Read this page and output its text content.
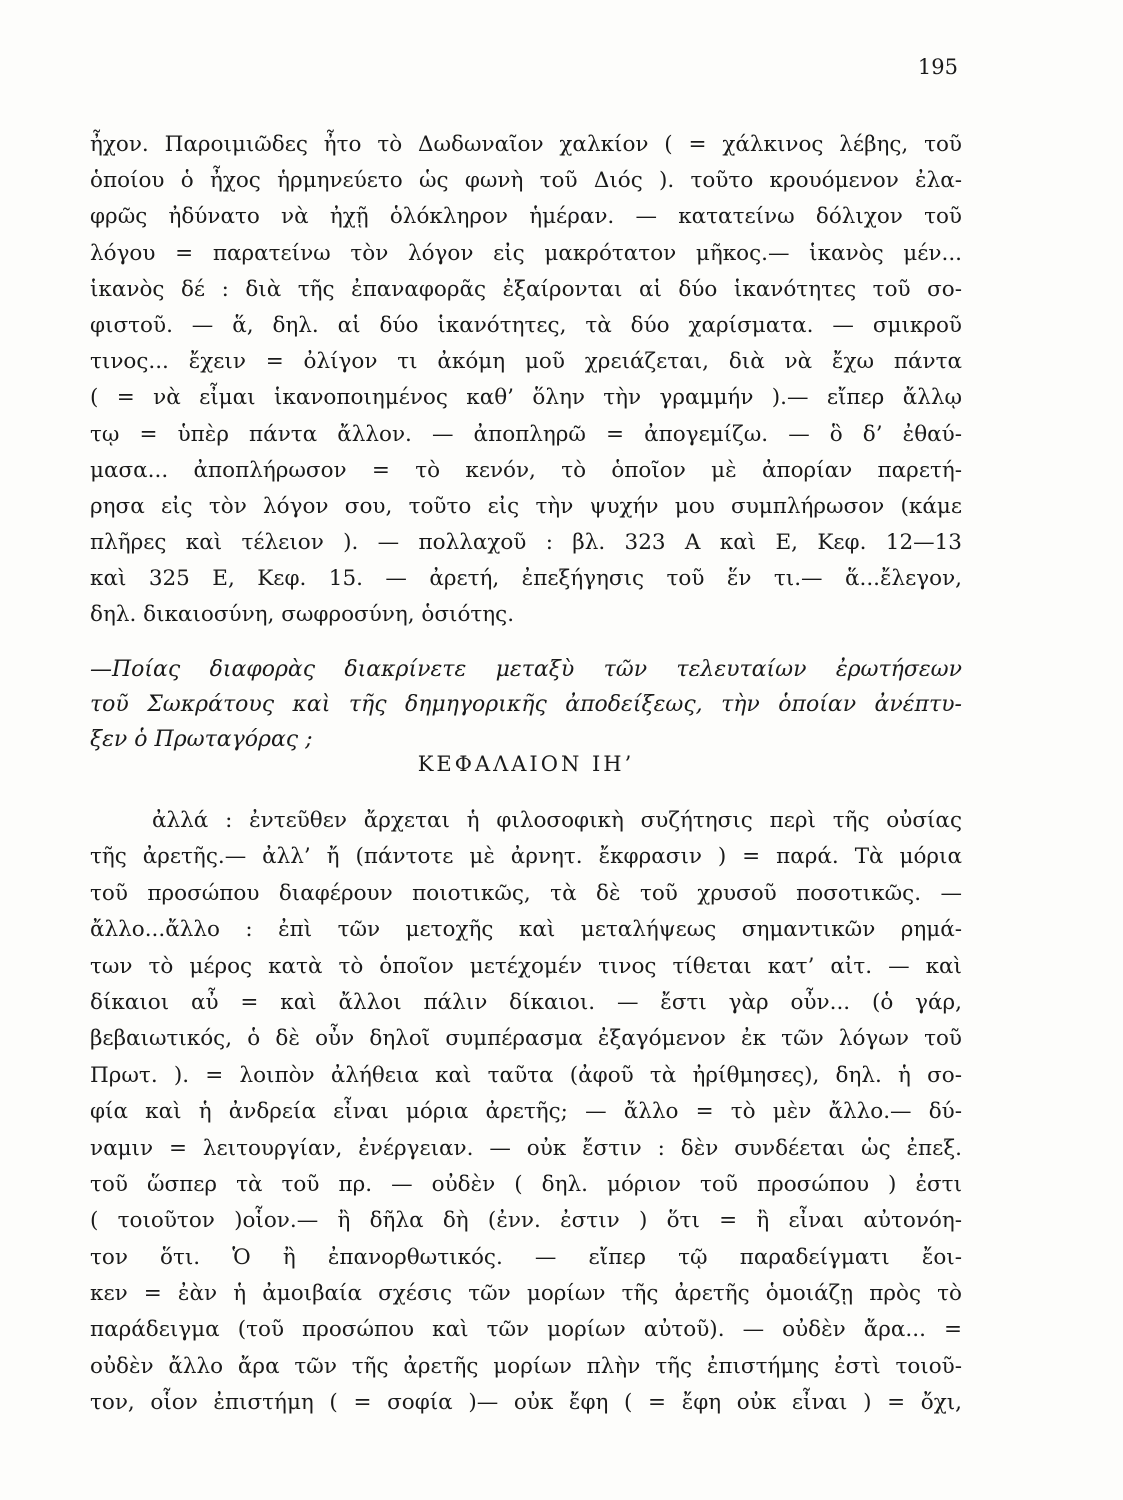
195
ἦχον. Παροιμιῶδες ἦτο τὸ Δωδωναῖον χαλκίον ( = χάλκινος λέβης, τοῦ
ὁποίου ὁ ἦχος ἡρμηνεύετο ὡς φωνὴ τοῦ Διός ). τοῦτο κρουόμενον ἐλα-
φρῶς ἠδύνατο νὰ ἠχῇ ὁλόκληρον ἡμέραν. — κατατείνω δόλιχον τοῦ
λόγου = παρατείνω τὸν λόγον εἰς μακρότατον μῆκος.— ἱκανὸς μέν...
ἱκανὸς δέ : διὰ τῆς ἐπαναφορᾶς ἐξαίρονται αἱ δύο ἱκανότητες τοῦ σο-
φιστοῦ. — ἅ, δηλ. αἱ δύο ἱκανότητες, τὰ δύο χαρίσματα. — σμικροῦ
τινος... ἔχειν = ὀλίγον τι ἀκόμη μοῦ χρειάζεται, διὰ νὰ ἔχω πάντα
( = νὰ εἶμαι ἱκανοποιημένος καθ’ ὅλην τὴν γραμμήν ).— εἴπερ ἄλλῳ
τῳ = ὑπὲρ πάντα ἄλλον. — ἀποπληρῶ = ἀπογεμίζω. — ὃ δ’ ἐθαύ-
μασα... ἀποπλήρωσον = τὸ κενόν, τὸ ὁποῖον μὲ ἀπορίαν παρετή-
ρησα εἰς τὸν λόγον σου, τοῦτο εἰς τὴν ψυχήν μου συμπλήρωσον (κάμε
πλῆρες καὶ τέλειον ). — πολλαχοῦ : βλ. 323 Α καὶ Ε, Κεφ. 12—13
καὶ 325 Ε, Κεφ. 15. — ἀρετή, ἐπεξήγησις τοῦ ἕν τι.— ἅ...ἔλεγον,
δηλ. δικαιοσύνη, σωφροσύνη, ὁσιότης.
—Ποίας διαφορὰς διακρίνετε μεταξὺ τῶν τελευταίων ἐρωτήσεων
τοῦ Σωκράτους καὶ τῆς δημηγορικῆς ἀποδείξεως, τὴν ὁποίαν ἀνέπτυ-
ξεν ὁ Πρωταγόρας ;
ΚΕΦΑΛΑΙΟΝ ΙΗ’
ἀλλά : ἐντεῦθεν ἄρχεται ἡ φιλοσοφικὴ συζήτησις περὶ τῆς οὐσίας
τῆς ἀρετῆς.— ἀλλ’ ἤ (πάντοτε μὲ ἀρνητ. ἔκφρασιν ) = παρά. Τὰ μόρια
τοῦ προσώπου διαφέρουν ποιοτικῶς, τὰ δὲ τοῦ χρυσοῦ ποσοτικῶς. —
ἄλλο...ἄλλο : ἐπὶ τῶν μετοχῆς καὶ μεταλήψεως σημαντικῶν ρημά-
των τὸ μέρος κατὰ τὸ ὁποῖον μετέχομέν τινος τίθεται κατ’ αἰτ. — καὶ
δίκαιοι αὖ = καὶ ἄλλοι πάλιν δίκαιοι. — ἔστι γὰρ οὖν... (ὁ γάρ,
βεβαιωτικός, ὁ δὲ οὖν δηλοῖ συμπέρασμα ἐξαγόμενον ἐκ τῶν λόγων τοῦ
Πρωτ. ). = λοιπὸν ἀλήθεια καὶ ταῦτα (ἀφοῦ τὰ ἠρίθμησες), δηλ. ἡ σο-
φία καὶ ἡ ἀνδρεία εἶναι μόρια ἀρετῆς; — ἄλλο = τὸ μὲν ἄλλο.— δύ-
ναμιν = λειτουργίαν, ἐνέργειαν. — οὐκ ἔστιν : δὲν συνδέεται ὡς ἐπεξ.
τοῦ ὥσπερ τὰ τοῦ πρ. — οὐδὲν ( δηλ. μόριον τοῦ προσώπου ) ἐστι
( τοιοῦτον )οἷον.— ἢ δῆλα δὴ (ἐνν. ἐστιν ) ὅτι = ἢ εἶναι αὐτονόη-
τον ὅτι. Ὁ ἢ ἐπανορθωτικός. — εἴπερ τῷ παραδείγματι ἔοι-
κεν = ἐὰν ἡ ἀμοιβαία σχέσις τῶν μορίων τῆς ἀρετῆς ὁμοιάζῃ πρὸς τὸ
παράδειγμα (τοῦ προσώπου καὶ τῶν μορίων αὐτοῦ). — οὐδὲν ἄρα... =
οὐδὲν ἄλλο ἄρα τῶν τῆς ἀρετῆς μορίων πλὴν τῆς ἐπιστήμης ἐστὶ τοιοῦ-
τον, οἷον ἐπιστήμη ( = σοφία )— οὐκ ἔφη ( = ἔφη οὐκ εἶναι ) = ὄχι,
